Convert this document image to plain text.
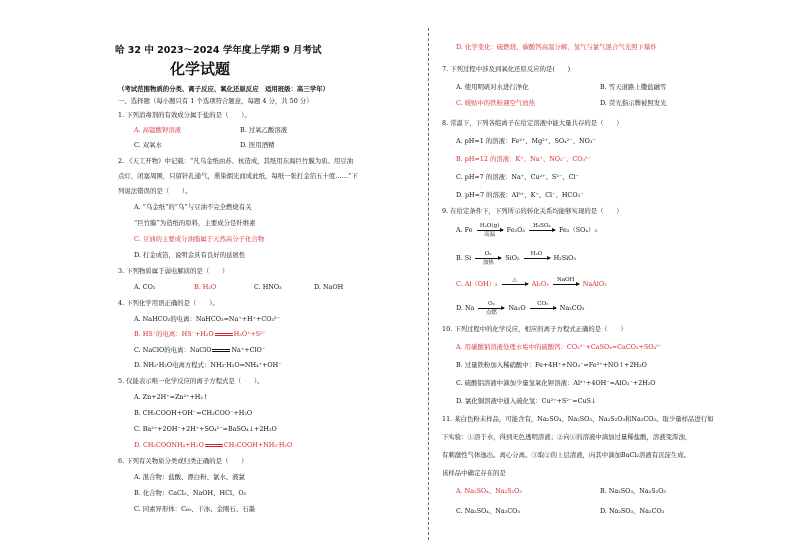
哈 32 中 2023～2024 学年度上学期 9 月考试
化学试题
（考试范围物质的分类、离子反应、氧化还原反应　适用班级：高三学年）
一、选择题（每小题只有 1 个选项符合题意，每题 4 分，共 50 分）
1. 下列消毒剂的有效成分属于盐的是（　　）。
A. 高锰酸钾溶液	B. 过氧乙酸溶液
C. 双氧水	D. 医用酒精
2. 《天工开物》中记载：“凡乌金纸由苏、杭造成，其纸用东海巨竹膜为质。用豆油
点灯，闭塞周围，只留针孔通气，熏染烟光而成此纸，每纸一张打金箔五十度……”下
列说法错误的是（　　）。
A. “乌金纸”的“乌”与豆油不完全燃烧有关
“巨竹膜”为造纸的原料，主要成分是纤维素
C. 豆油的主要成分油脂属于天然高分子化合物
D. 打金成箔，说明金具有良好的延展性
3. 下列物质属于弱电解质的是（　　）
A. CO₂	B. H₂O	C. HNO₃	D. NaOH
4. 下列化学用语正确的是（　　）。
A. NaHCO₃的电离：NaHCO₃=Na⁺+H⁺+CO₃²⁻
B. HS⁻的电离：HS⁻+H₂O	H₃O⁺+S²⁻
C. NaClO的电离：NaClO	Na⁺+ClO⁻
D. NH₃·H₂O电离方程式：NH₃·H₂O=NH₄⁺+OH⁻
5. 仅能表示唯一化学反应的离子方程式是（　　）。
A. Zn+2H⁺=Zn²⁺+H₂↑
B. CH₃COOH+OH⁻=CH₃COO⁻+H₂O
C. Ba²⁺+2OH⁻+2H⁺+SO₄²⁻=BaSO₄↓+2H₂O
D. CH₃COONH₄+H₂O	CH₃COOH+NH₃·H₂O
6. 下列有关物质分类或归类正确的是（　　）
A. 混合物：盐酸、漂白粉、氯水、液氯
B. 化合物：CaCl₂、NaOH、HCl、O₂
C. 同素异形体：C₆₀、干冰、金刚石、石墨
D. 化学变化：硫燃烧、碳酸钙高温分解、氢气与氯气混合气光照下爆炸
7. 下列过程中涉及到氧化还原反应的是(　　)
A. 使用明矾对水进行净化	B. 雪天道路上撒盐融雪
C. 暖贴中的铁粉遇空气放热	D. 荧光指示牌被照发光
8. 常温下，下列各组离子在给定溶液中能大量共存的是（　　）
A. pH=1 的溶液：Fe²⁺、Mg²⁺、SO₄²⁻、NO₃⁻
B. pH=12 的溶液：K⁺、Na⁺、NO₃⁻、CO₃²⁻
C. pH=7 的溶液：Na⁺、Cu²⁺、S²⁻、Cl⁻
D. pH=7 的溶液：Al³⁺、K⁺、Cl⁻、HCO₃⁻
9. 在给定条件下，下列所示的转化关系均能够实现的是（　　）
A. Fe	H₂O(g)
高温
Fe₂O₃	H₂SO₄	Fe₂（SO₄）₃
B. Si	O₂
加热
SiO₂	H₂O	H₂SiO₃
C. Al（OH）₃	△	Al₂O₃	NaOH	NaAlO₂
D. Na	O₂
点燃
Na₂O	CO₂	Na₂CO₃
10. 下列过程中的化学反应，相应的离子方程式正确的是（　　）
A. 用碳酸钠溶液处理水垢中的硫酸钙：CO₃²⁻+CaSO₄=CaCO₃+SO₄²⁻
B. 过量铁粉加入稀硝酸中：Fe+4H⁺+NO₃⁻=Fe³⁺+NO↑+2H₂O
C. 硫酸铝溶液中滴加少量氢氧化钾溶液：Al³⁺+4OH⁻=AlO₂⁻+2H₂O
D. 氯化铜溶液中通入硫化氢：Cu²⁺+S²⁻=CuS↓
11. 某白色粉末样品，可能含有，Na₂SO₄、Na₂SO₃、Na₂S₂O₃和Na₂CO₃。取少量样品进行如
下实验：①溶于水，得到无色透明溶液；②向①的溶液中滴加过量稀盐酸，溶液变浑浊，
有刺激性气体逸出。离心分离。③取②的上层清液，向其中滴加BaCl₂溶液有沉淀生成。
该样品中确定存在的是
A. Na₂SO₄、Na₂S₂O₃	B. Na₂SO₃、Na₂S₂O₃
C. Na₂SO₄、Na₂CO₃	D. Na₂SO₃、Na₂CO₃
